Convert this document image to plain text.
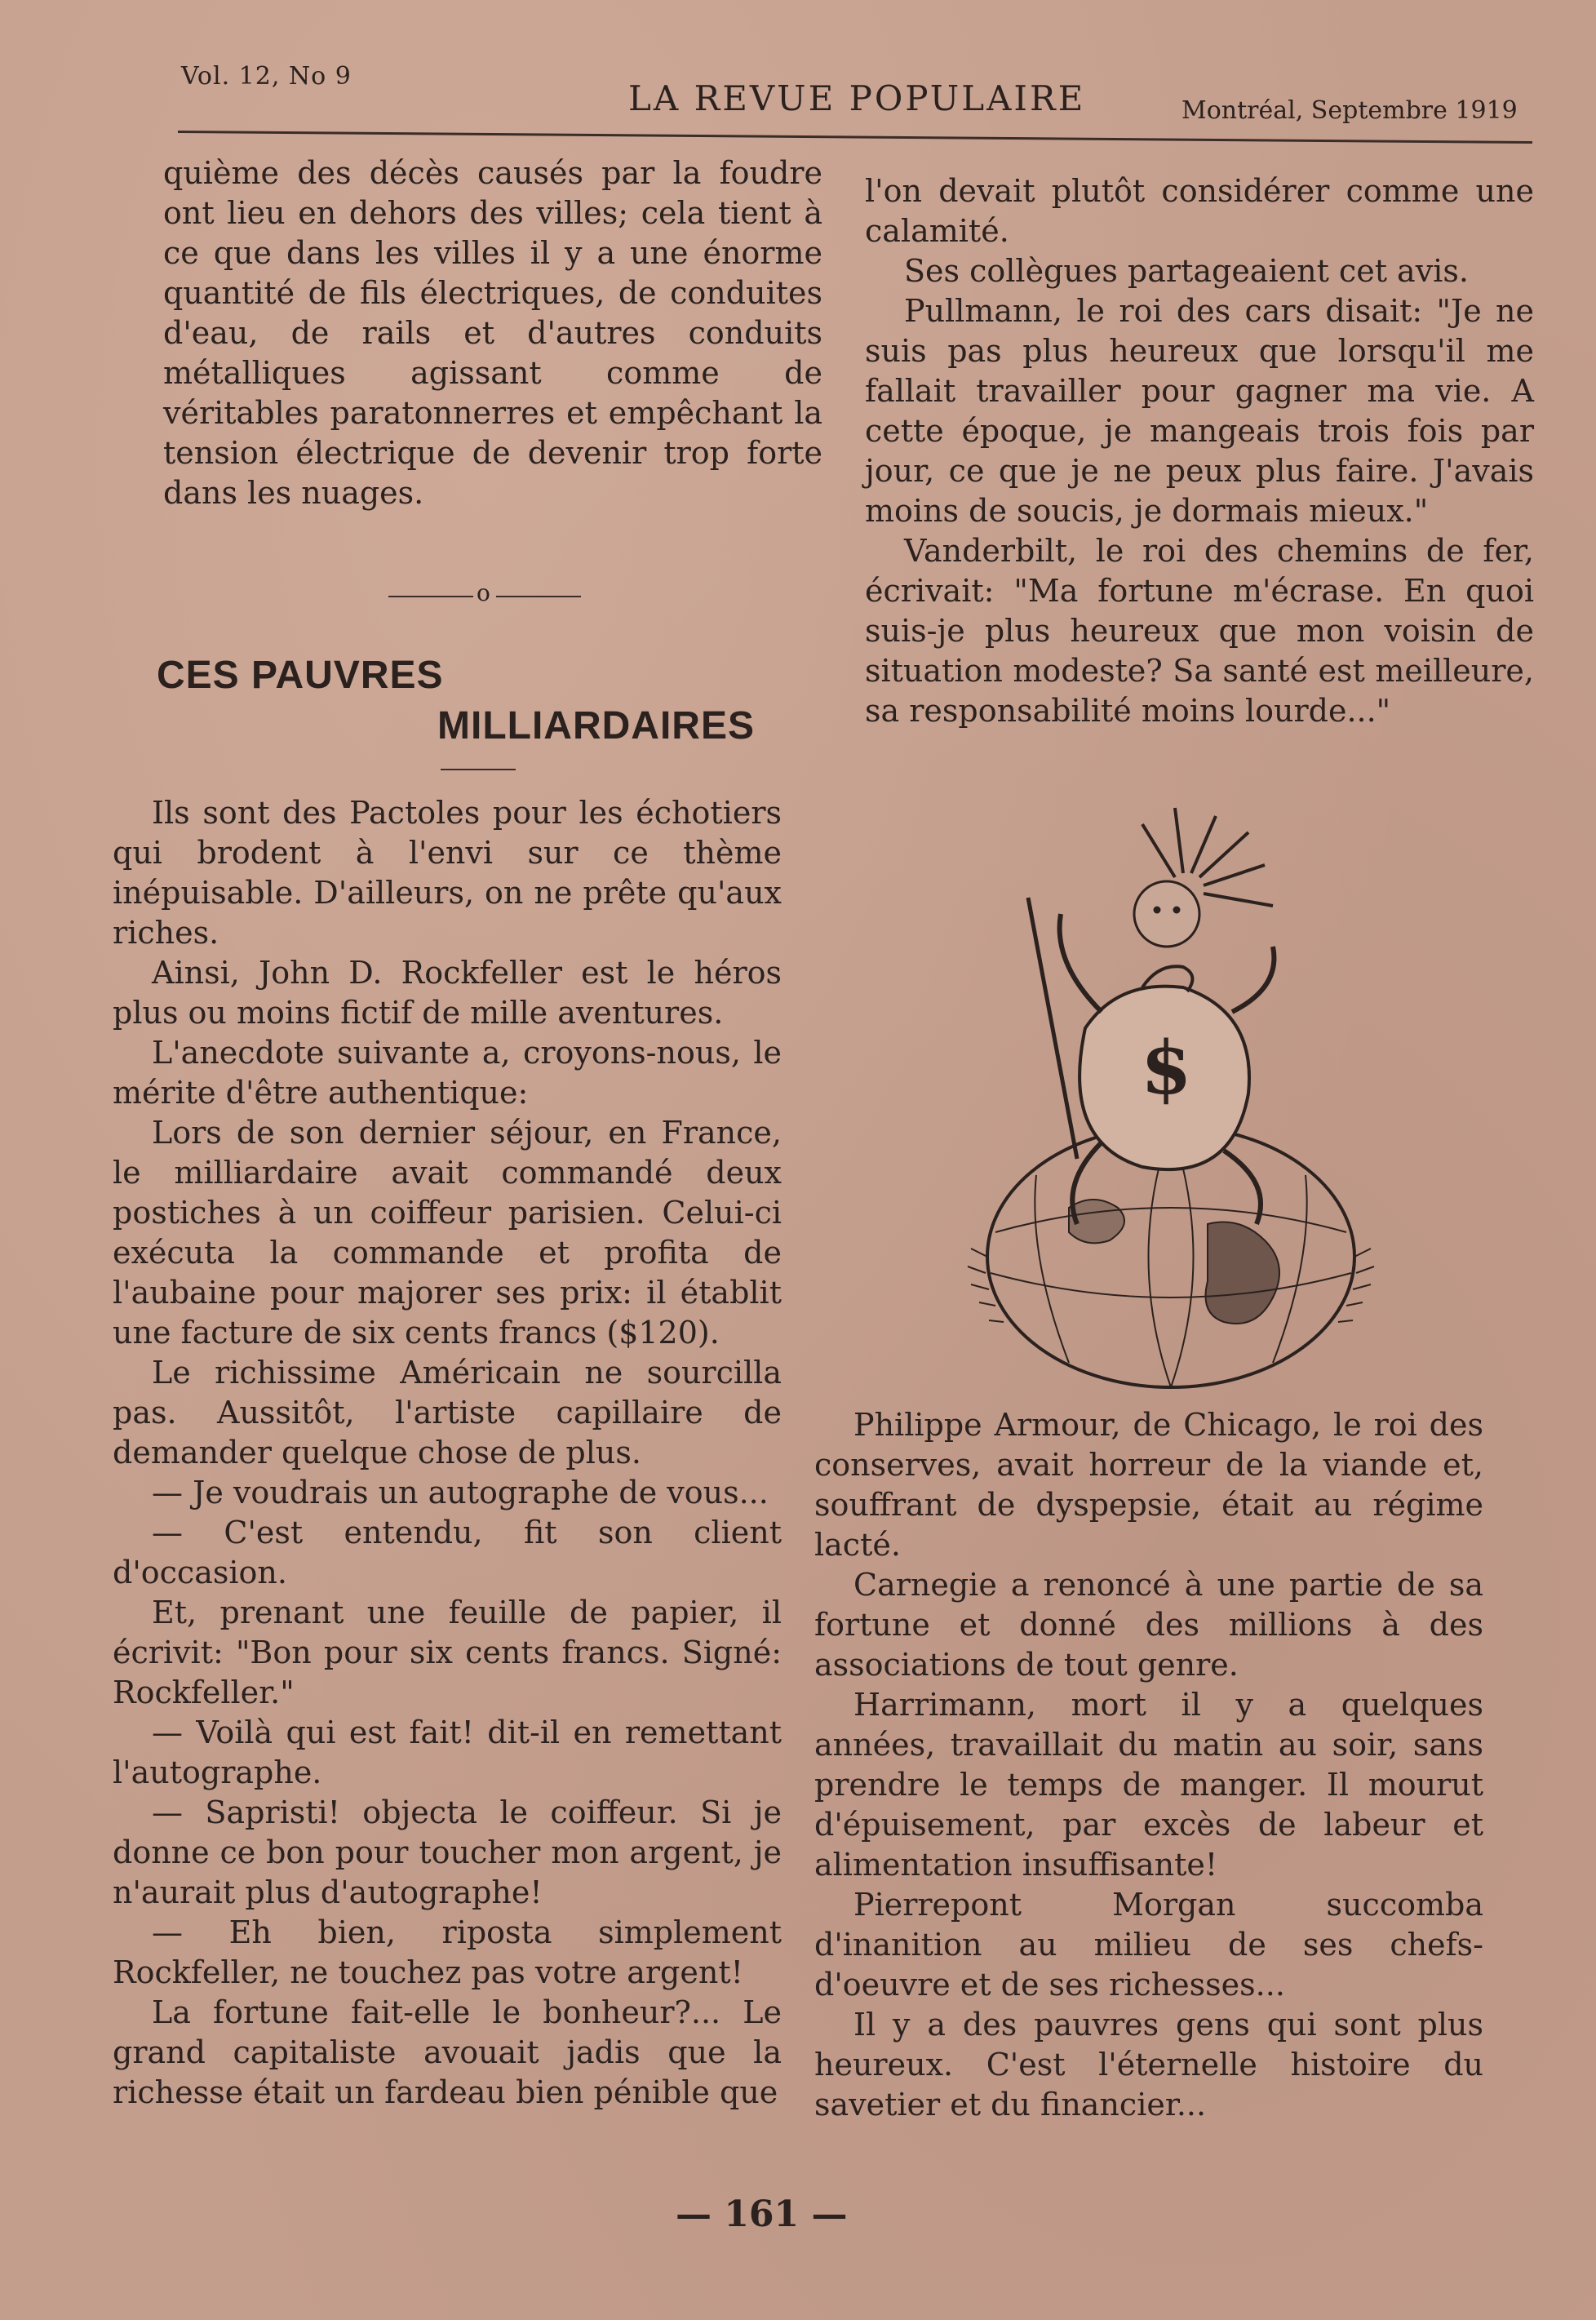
Vol. 12, No 9
LA REVUE POPULAIRE	Montréal, Septembre 1919

quième des décès causés par la foudre ont lieu en dehors des villes; cela tient à ce que dans les villes il y a une énorme quantité de fils électriques, de conduites d'eau, de rails et d'autres conduits métalliques agissant comme de véritables paratonnerres et empêchant la tension électrique de devenir trop forte dans les nuages.

o
CES PAUVRES
MILLIARDAIRES

Ils sont des Pactoles pour les échotiers qui brodent à l'envi sur ce thème inépuisable. D'ailleurs, on ne prête qu'aux riches.

Ainsi, John D. Rockfeller est le héros plus ou moins fictif de mille aventures.

L'anecdote suivante a, croyons-nous, le mérite d'être authentique:

Lors de son dernier séjour, en France, le milliardaire avait commandé deux postiches à un coiffeur parisien. Celui-ci exécuta la commande et profita de l'aubaine pour majorer ses prix: il établit une facture de six cents francs ($120).

Le richissime Américain ne sourcilla pas. Aussitôt, l'artiste capillaire de demander quelque chose de plus.

— Je voudrais un autographe de vous...

— C'est entendu, fit son client d'occasion.

Et, prenant une feuille de papier, il écrivit: "Bon pour six cents francs. Signé: Rockfeller."

— Voilà qui est fait! dit-il en remettant l'autographe.

— Sapristi! objecta le coiffeur. Si je donne ce bon pour toucher mon argent, je n'aurait plus d'autographe!

— Eh bien, riposta simplement Rockfeller, ne touchez pas votre argent!

La fortune fait-elle le bonheur?... Le grand capitaliste avouait jadis que la richesse était un fardeau bien pénible que

l'on devait plutôt considérer comme une calamité.

Ses collègues partageaient cet avis.

Pullmann, le roi des cars disait: "Je ne suis pas plus heureux que lorsqu'il me fallait travailler pour gagner ma vie. A cette époque, je mangeais trois fois par jour, ce que je ne peux plus faire. J'avais moins de soucis, je dormais mieux."

Vanderbilt, le roi des chemins de fer, écrivait: "Ma fortune m'écrase. En quoi suis-je plus heureux que mon voisin de situation modeste? Sa santé est meilleure, sa responsabilité moins lourde..."

$

Philippe Armour, de Chicago, le roi des conserves, avait horreur de la viande et, souffrant de dyspepsie, était au régime lacté.

Carnegie a renoncé à une partie de sa fortune et donné des millions à des associations de tout genre.

Harrimann, mort il y a quelques années, travaillait du matin au soir, sans prendre le temps de manger. Il mourut d'épuisement, par excès de labeur et alimentation insuffisante!

Pierrepont Morgan succomba d'inanition au milieu de ses chefs-d'oeuvre et de ses richesses...

Il y a des pauvres gens qui sont plus heureux. C'est l'éternelle histoire du savetier et du financier...

— 161 —
